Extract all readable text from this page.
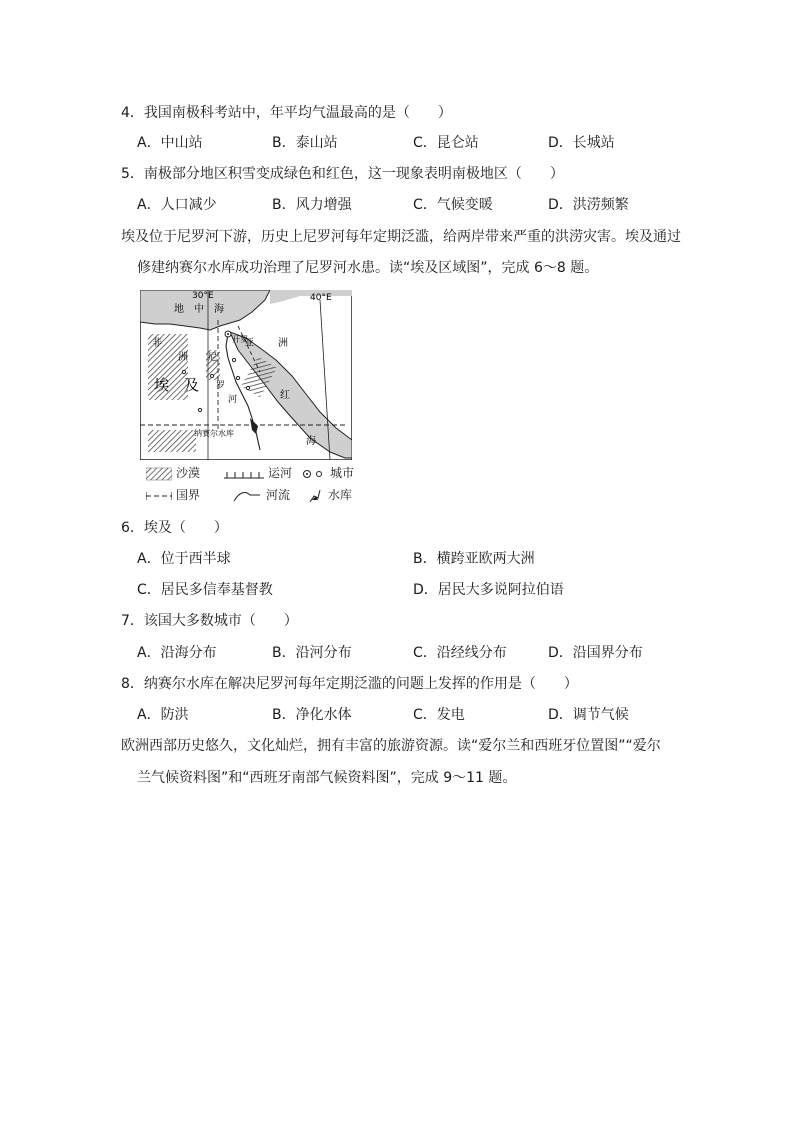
4．我国南极科考站中，年平均气温最高的是（　　）
A．中山站	B．泰山站	C．昆仑站	D．长城站
5．南极部分地区积雪变成绿色和红色，这一现象表明南极地区（　　）
A．人口减少	B．风力增强	C．气候变暖	D．洪涝频繁
埃及位于尼罗河下游，历史上尼罗河每年定期泛滥，给两岸带来严重的洪涝灾害。埃及通过
修建纳赛尔水库成功治理了尼罗河水患。读“埃及区域图”，完成 6～8 题。
30°E	40°E
地　中　海
亚 洲
非
洲
埃　及
开罗
尼
罗
河	红
海
纳赛尔水库
沙漠	运河	城市
国界	河流	水库
6．埃及（　　）
A．位于西半球	B．横跨亚欧两大洲
C．居民多信奉基督教	D．居民大多说阿拉伯语
7．该国大多数城市（　　）
A．沿海分布	B．沿河分布	C．沿经线分布	D．沿国界分布
8．纳赛尔水库在解决尼罗河每年定期泛滥的问题上发挥的作用是（　　）
A．防洪	B．净化水体	C．发电	D．调节气候
欧洲西部历史悠久，文化灿烂，拥有丰富的旅游资源。读“爱尔兰和西班牙位置图”“爱尔
兰气候资料图”和“西班牙南部气候资料图”，完成 9～11 题。
